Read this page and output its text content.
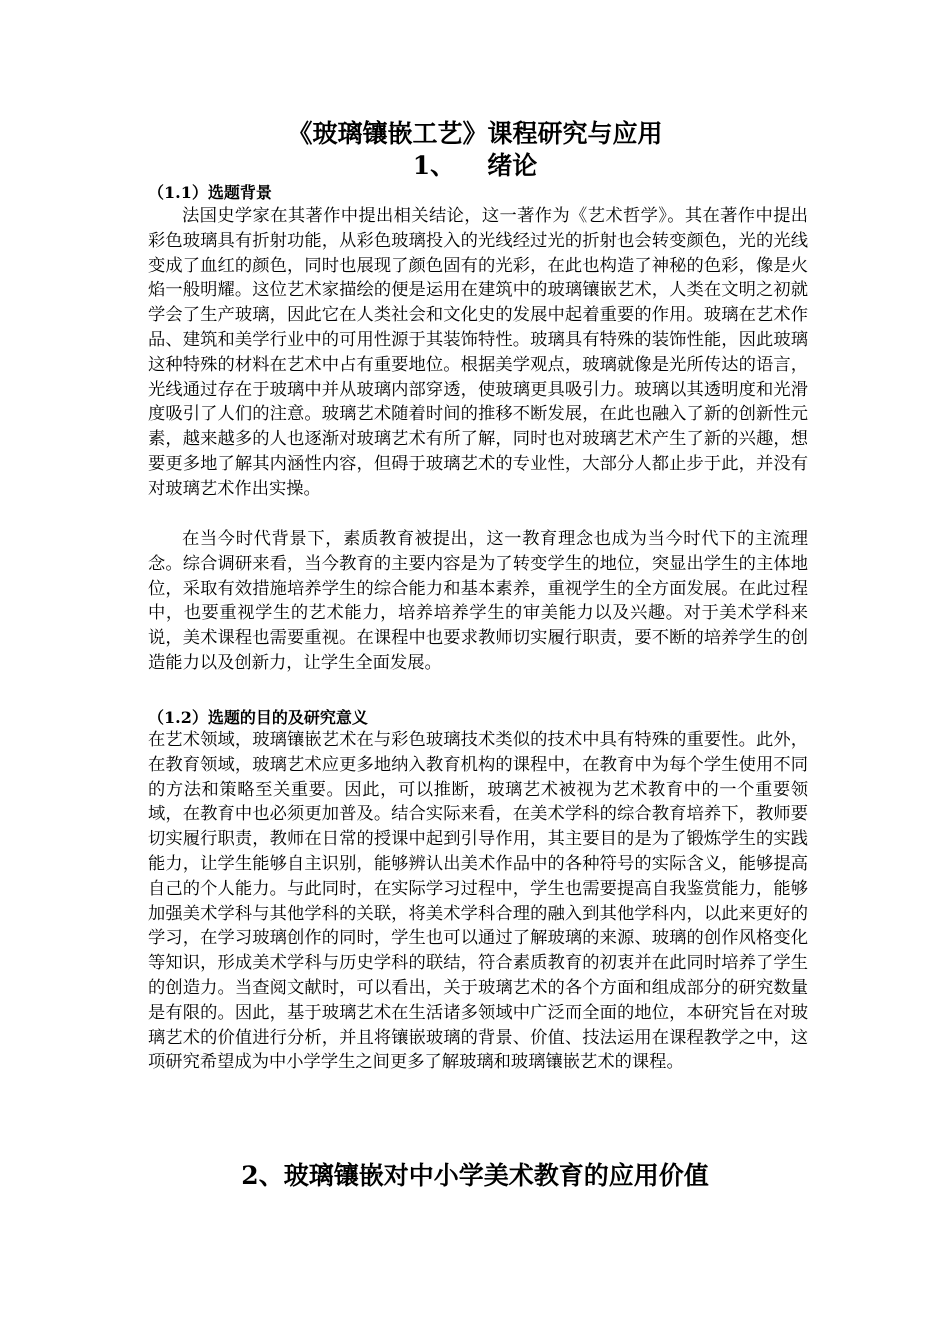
《玻璃镶嵌工艺》课程研究与应用
1、 绪论
（1.1）选题背景

法国史学家在其著作中提出相关结论，这一著作为《艺术哲学》。其在著作中提出彩色玻璃具有折射功能，从彩色玻璃投入的光线经过光的折射也会转变颜色，光的光线变成了血红的颜色，同时也展现了颜色固有的光彩，在此也构造了神秘的色彩，像是火焰一般明耀。这位艺术家描绘的便是运用在建筑中的玻璃镶嵌艺术，人类在文明之初就学会了生产玻璃，因此它在人类社会和文化史的发展中起着重要的作用。玻璃在艺术作品、建筑和美学行业中的可用性源于其装饰特性。玻璃具有特殊的装饰性能，因此玻璃这种特殊的材料在艺术中占有重要地位。根据美学观点，玻璃就像是光所传达的语言，光线通过存在于玻璃中并从玻璃内部穿透，使玻璃更具吸引力。玻璃以其透明度和光滑度吸引了人们的注意。玻璃艺术随着时间的推移不断发展，在此也融入了新的创新性元素，越来越多的人也逐渐对玻璃艺术有所了解，同时也对玻璃艺术产生了新的兴趣，想要更多地了解其内涵性内容，但碍于玻璃艺术的专业性，大部分人都止步于此，并没有对玻璃艺术作出实操。

在当今时代背景下，素质教育被提出，这一教育理念也成为当今时代下的主流理念。综合调研来看，当今教育的主要内容是为了转变学生的地位，突显出学生的主体地位，采取有效措施培养学生的综合能力和基本素养，重视学生的全方面发展。在此过程中，也要重视学生的艺术能力，培养培养学生的审美能力以及兴趣。对于美术学科来说，美术课程也需要重视。在课程中也要求教师切实履行职责，要不断的培养学生的创造能力以及创新力，让学生全面发展。

（1.2）选题的目的及研究意义

在艺术领域，玻璃镶嵌艺术在与彩色玻璃技术类似的技术中具有特殊的重要性。此外，在教育领域，玻璃艺术应更多地纳入教育机构的课程中，在教育中为每个学生使用不同的方法和策略至关重要。因此，可以推断，玻璃艺术被视为艺术教育中的一个重要领域，在教育中也必须更加普及。结合实际来看，在美术学科的综合教育培养下，教师要切实履行职责，教师在日常的授课中起到引导作用，其主要目的是为了锻炼学生的实践能力，让学生能够自主识别，能够辨认出美术作品中的各种符号的实际含义，能够提高自己的个人能力。与此同时，在实际学习过程中，学生也需要提高自我鉴赏能力，能够加强美术学科与其他学科的关联，将美术学科合理的融入到其他学科内，以此来更好的学习，在学习玻璃创作的同时，学生也可以通过了解玻璃的来源、玻璃的创作风格变化等知识，形成美术学科与历史学科的联结，符合素质教育的初衷并在此同时培养了学生的创造力。当查阅文献时，可以看出，关于玻璃艺术的各个方面和组成部分的研究数量是有限的。因此，基于玻璃艺术在生活诸多领域中广泛而全面的地位，本研究旨在对玻璃艺术的价值进行分析，并且将镶嵌玻璃的背景、价值、技法运用在课程教学之中，这项研究希望成为中小学学生之间更多了解玻璃和玻璃镶嵌艺术的课程。

2、玻璃镶嵌对中小学美术教育的应用价值
